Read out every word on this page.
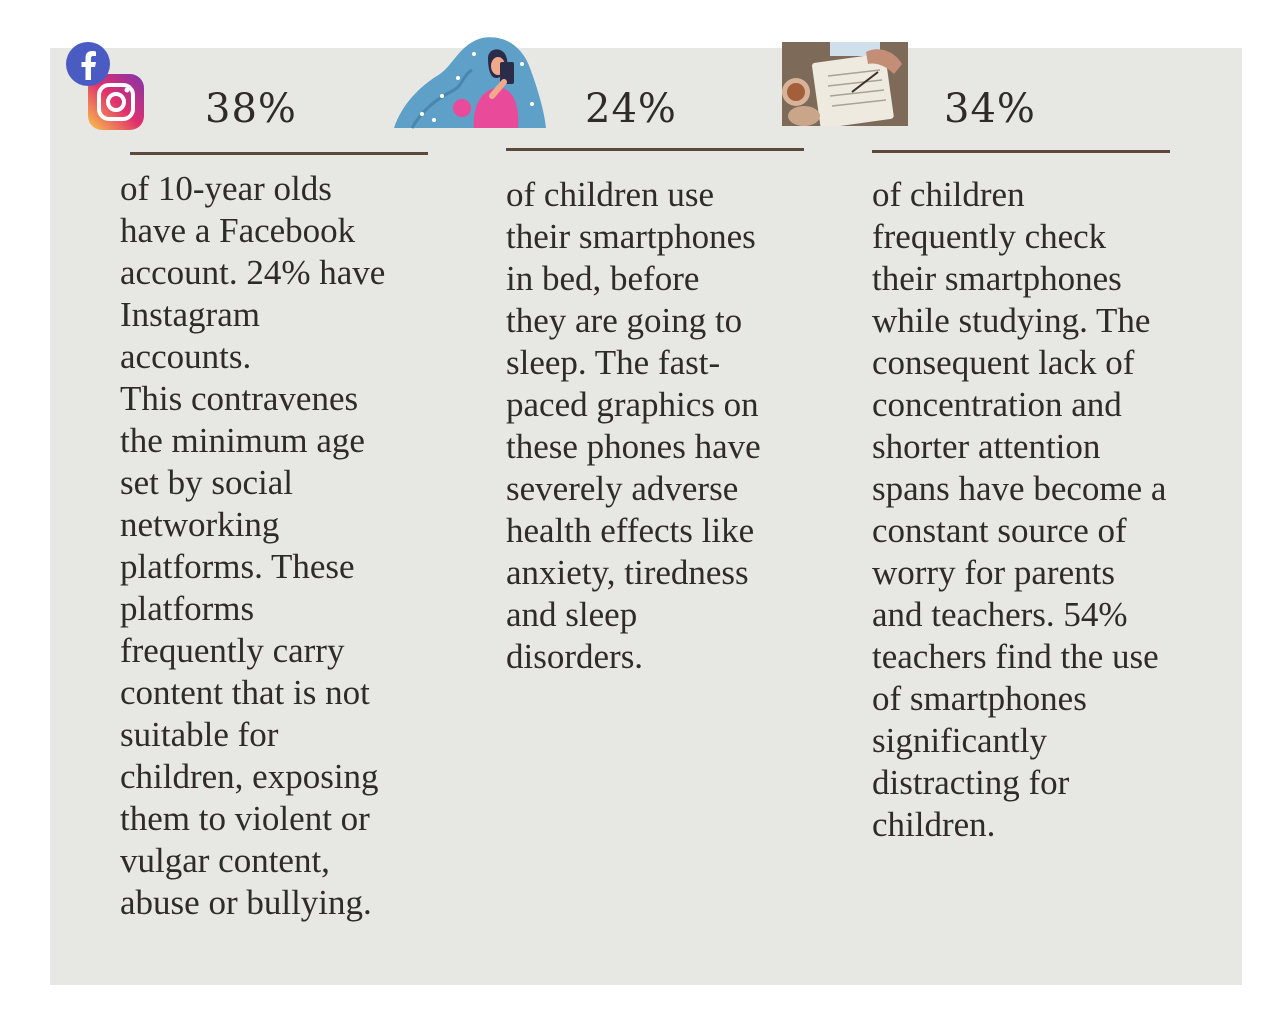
38%

of 10-year olds
have a Facebook
account. 24% have
Instagram
accounts.
This contravenes
the minimum age
set by social
networking
platforms. These
platforms
frequently carry
content that is not
suitable for
children, exposing
them to violent or
vulgar content,
abuse or bullying.

24%

of children use
their smartphones
in bed, before
they are going to
sleep. The fast-
paced graphics on
these phones have
severely adverse
health effects like
anxiety, tiredness
and sleep
disorders.

34%

of children
frequently check
their smartphones
while studying. The
consequent lack of
concentration and
shorter attention
spans have become a
constant source of
worry for parents
and teachers. 54%
teachers find the use
of smartphones
significantly
distracting for
children.
